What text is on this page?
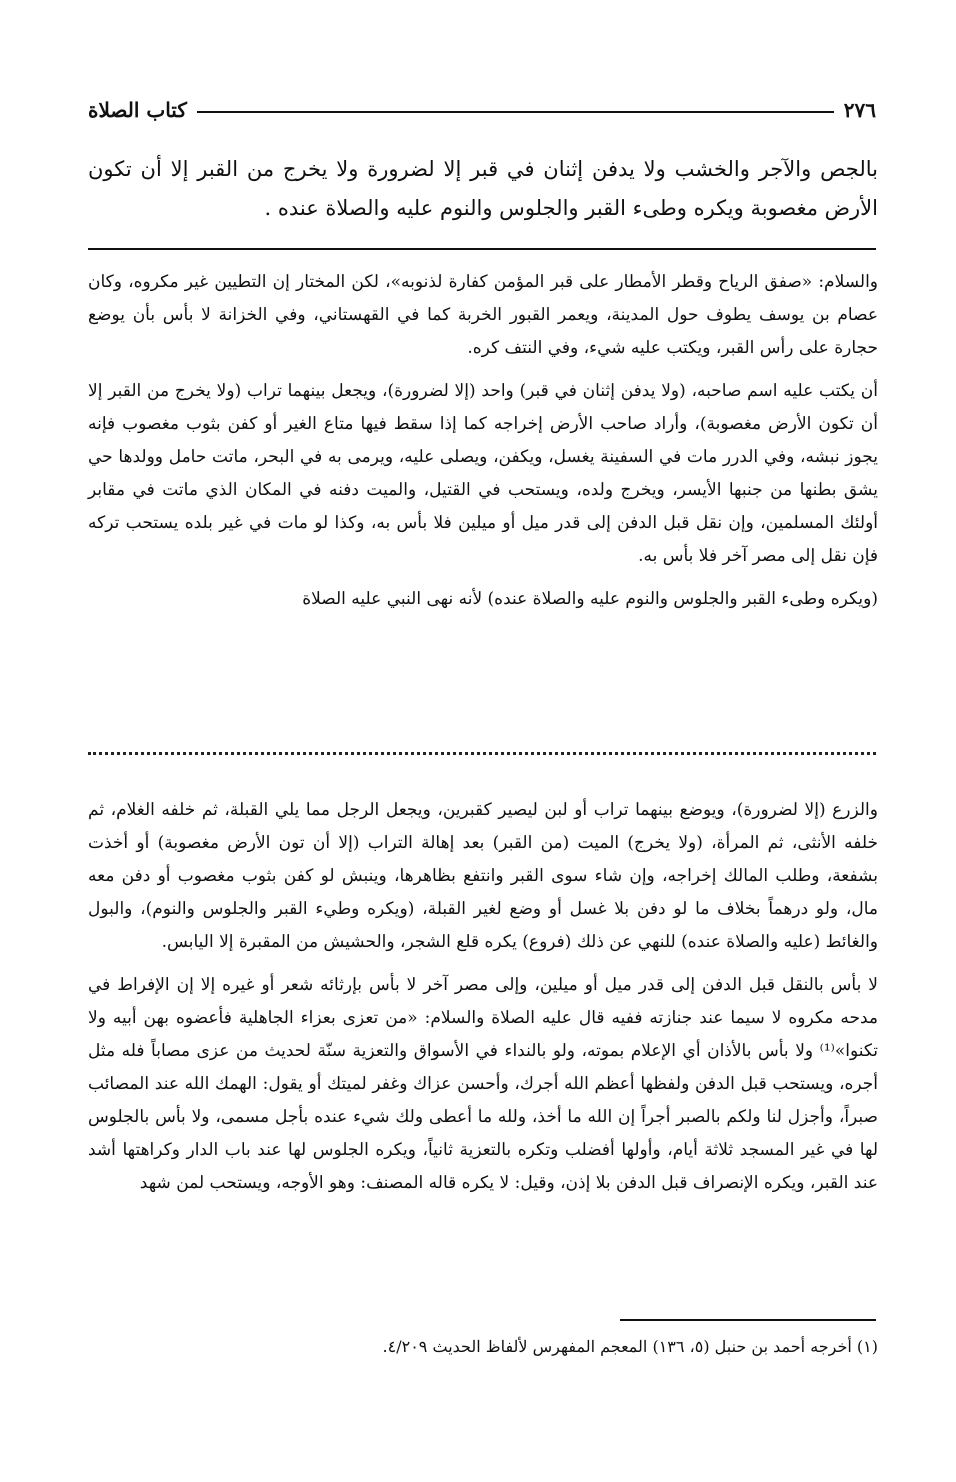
٢٧٦
كتاب الصلاة
بالجص والآجر والخشب ولا يدفن إثنان في قبر إلا لضرورة ولا يخرج من القبر إلا أن تكون الأرض مغصوبة ويكره وطىء القبر والجلوس والنوم عليه والصلاة عنده .

والسلام: «صفق الرياح وقطر الأمطار على قبر المؤمن كفارة لذنوبه»، لكن المختار إن التطيين غير مكروه، وكان عصام بن يوسف يطوف حول المدينة، ويعمر القبور الخربة كما في القهستاني، وفي الخزانة لا بأس بأن يوضع حجارة على رأس القبر، ويكتب عليه شيء، وفي النتف كره.

أن يكتب عليه اسم صاحبه، (ولا يدفن إثنان في قبر) واحد (إلا لضرورة)، ويجعل بينهما تراب (ولا يخرج من القبر إلا أن تكون الأرض مغصوبة)، وأراد صاحب الأرض إخراجه كما إذا سقط فيها متاع الغير أو كفن بثوب مغصوب فإنه يجوز نبشه، وفي الدرر مات في السفينة يغسل، ويكفن، ويصلى عليه، ويرمى به في البحر، ماتت حامل وولدها حي يشق بطنها من جنبها الأيسر، ويخرج ولده، ويستحب في القتيل، والميت دفنه في المكان الذي ماتت في مقابر أولئك المسلمين، وإن نقل قبل الدفن إلى قدر ميل أو ميلين فلا بأس به، وكذا لو مات في غير بلده يستحب تركه فإن نقل إلى مصر آخر فلا بأس به.

(ويكره وطىء القبر والجلوس والنوم عليه والصلاة عنده) لأنه نهى النبي عليه الصلاة

والزرع (إلا لضرورة)، ويوضع بينهما تراب أو لبن ليصير كقبرين، ويجعل الرجل مما يلي القبلة، ثم خلفه الغلام، ثم خلفه الأنثى، ثم المرأة، (ولا يخرج) الميت (من القبر) بعد إهالة التراب (إلا أن تون الأرض مغصوبة) أو أخذت بشفعة، وطلب المالك إخراجه، وإن شاء سوى القبر وانتفع بظاهرها، وينبش لو كفن بثوب مغصوب أو دفن معه مال، ولو درهماً بخلاف ما لو دفن بلا غسل أو وضع لغير القبلة، (ويكره وطيء القبر والجلوس والنوم)، والبول والغائط (عليه والصلاة عنده) للنهي عن ذلك (فروع) يكره قلع الشجر، والحشيش من المقبرة إلا اليابس.

لا بأس بالنقل قبل الدفن إلى قدر ميل أو ميلين، وإلى مصر آخر لا بأس بإرثائه شعر أو غيره إلا إن الإفراط في مدحه مكروه لا سيما عند جنازته ففيه قال عليه الصلاة والسلام: «من تعزى بعزاء الجاهلية فأعضوه بهن أبيه ولا تكنوا»⁽¹⁾ ولا بأس بالأذان أي الإعلام بموته، ولو بالنداء في الأسواق والتعزية سنّة لحديث من عزى مصاباً فله مثل أجره، ويستحب قبل الدفن ولفظها أعظم الله أجرك، وأحسن عزاك وغفر لميتك أو يقول: الهمك الله عند المصائب صبراً، وأجزل لنا ولكم بالصبر أجراً إن الله ما أخذ، ولله ما أعطى ولك شيء عنده بأجل مسمى، ولا بأس بالجلوس لها في غير المسجد ثلاثة أيام، وأولها أفضلب وتكره بالتعزية ثانياً، ويكره الجلوس لها عند باب الدار وكراهتها أشد عند القبر، ويكره الإنصراف قبل الدفن بلا إذن، وقيل: لا يكره قاله المصنف: وهو الأوجه، ويستحب لمن شهد

(١) أخرجه أحمد بن حنبل (٥، ١٣٦) المعجم المفهرس لألفاظ الحديث ٤/٢٠٩.
